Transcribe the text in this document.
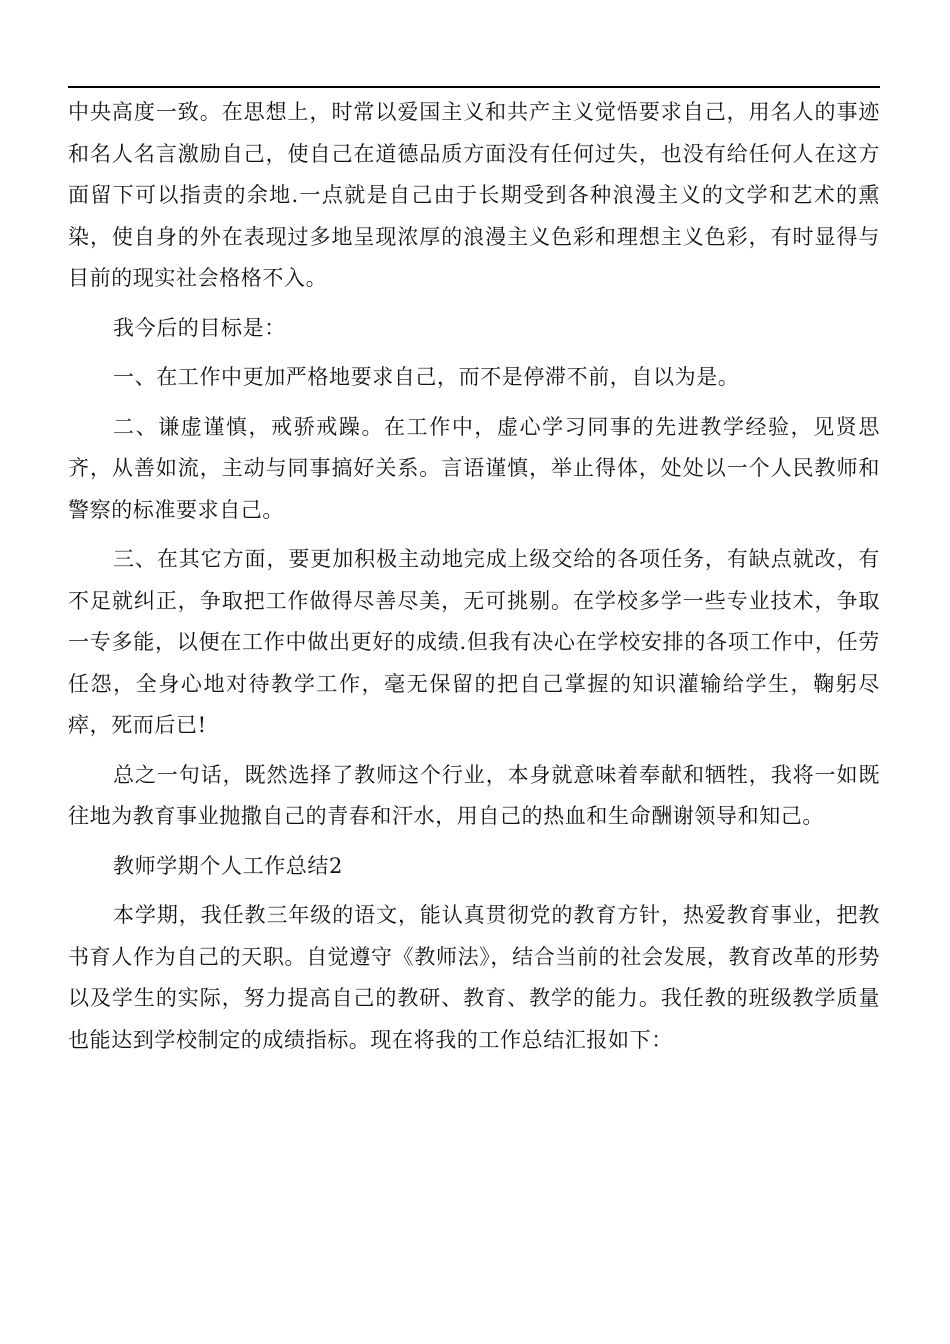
中央高度一致。在思想上，时常以爱国主义和共产主义觉悟要求自己，用名人的事迹和名人名言激励自己，使自己在道德品质方面没有任何过失，也没有给任何人在这方面留下可以指责的余地.一点就是自己由于长期受到各种浪漫主义的文学和艺术的熏染，使自身的外在表现过多地呈现浓厚的浪漫主义色彩和理想主义色彩，有时显得与目前的现实社会格格不入。

我今后的目标是：

一、在工作中更加严格地要求自己，而不是停滞不前，自以为是。

二、谦虚谨慎，戒骄戒躁。在工作中，虚心学习同事的先进教学经验，见贤思齐，从善如流，主动与同事搞好关系。言语谨慎，举止得体，处处以一个人民教师和警察的标准要求自己。

三、在其它方面，要更加积极主动地完成上级交给的各项任务，有缺点就改，有不足就纠正，争取把工作做得尽善尽美，无可挑剔。在学校多学一些专业技术，争取一专多能，以便在工作中做出更好的成绩.但我有决心在学校安排的各项工作中，任劳任怨，全身心地对待教学工作，毫无保留的把自己掌握的知识灌输给学生，鞠躬尽瘁，死而后已!

总之一句话，既然选择了教师这个行业，本身就意味着奉献和牺牲，我将一如既往地为教育事业抛撒自己的青春和汗水，用自己的热血和生命酬谢领导和知己。

教师学期个人工作总结2

本学期，我任教三年级的语文，能认真贯彻党的教育方针，热爱教育事业，把教书育人作为自己的天职。自觉遵守《教师法》，结合当前的社会发展，教育改革的形势以及学生的实际，努力提高自己的教研、教育、教学的能力。我任教的班级教学质量也能达到学校制定的成绩指标。现在将我的工作总结汇报如下：
